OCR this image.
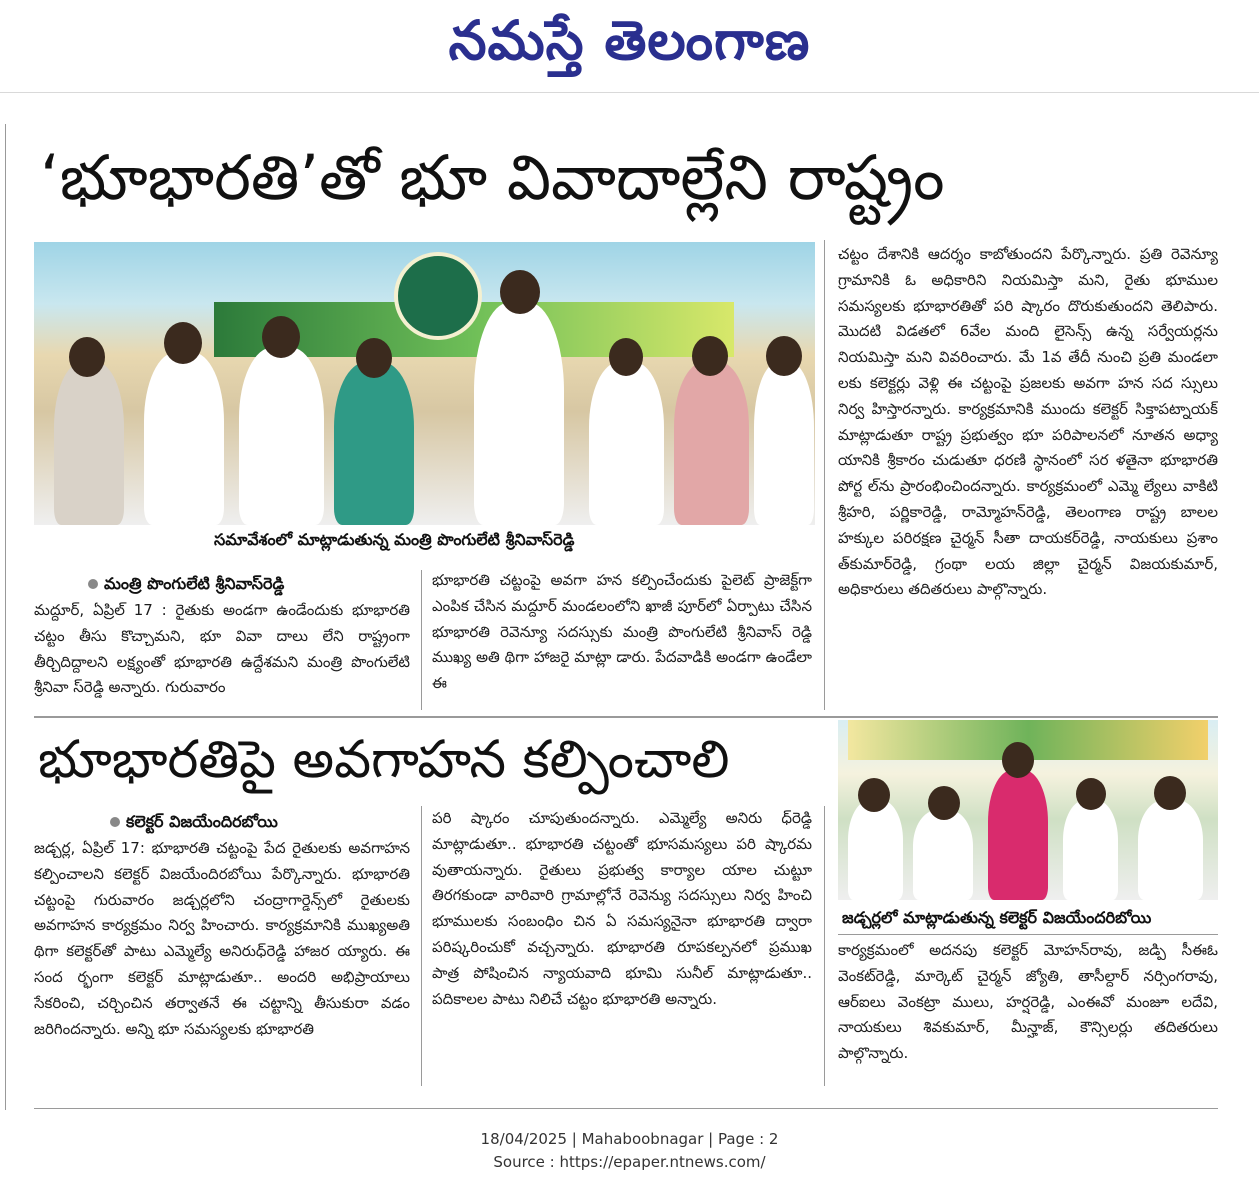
నమస్తే తెలంగాణ
‘భూభారతి’తో భూ వివాదాల్లేని రాష్ట్రం
సమావేశంలో మాట్లాడుతున్న మంత్రి పొంగులేటి శ్రీనివాస్‌రెడ్డి
మంత్రి పొంగులేటి శ్రీనివాస్‌రెడ్డి
మద్దూర్, ఏప్రిల్ 17 : రైతుకు అండగా ఉండేందుకు భూభారతి చట్టం తీసు కొచ్చామని, భూ వివా దాలు లేని రాష్ట్రంగా తీర్చిదిద్దాలని లక్ష్యంతో భూభారతి ఉద్దేశమని మంత్రి పొంగులేటి శ్రీనివా స్‌రెడ్డి అన్నారు. గురువారం
భూభారతి చట్టంపై అవగా హన కల్పించేందుకు పైలెట్ ప్రాజెక్ట్‌గా ఎంపిక చేసిన మద్దూర్ మండలంలోని ఖాజీ పూర్‌లో ఏర్పాటు చేసిన భూభారతి రెవెన్యూ సదస్సుకు మంత్రి పొంగులేటి శ్రీనివాస్ రెడ్డి ముఖ్య అతి థిగా హాజరై మాట్లా డారు. పేదవాడికి అండగా ఉండేలా ఈ
చట్టం దేశానికి ఆదర్శం కాబోతుందని పేర్కొన్నారు. ప్రతి రెవెన్యూ గ్రామానికి ఓ అధికారిని నియమిస్తా మని, రైతు భూముల సమస్యలకు భూభారతితో పరి ష్కారం దొరుకుతుందని తెలిపారు. మొదటి విడతలో 6వేల మంది లైసెన్స్ ఉన్న సర్వేయర్లను నియమిస్తా మని వివరించారు. మే 1వ తేదీ నుంచి ప్రతి మండలా లకు కలెక్టర్లు వెళ్లి ఈ చట్టంపై ప్రజలకు అవగా హన సద స్సులు నిర్వ హిస్తారన్నారు. కార్యక్రమానికి ముందు కలెక్టర్ సిక్తాపట్నాయక్ మాట్లాడుతూ రాష్ట్ర ప్రభుత్వం భూ పరిపాలనలో నూతన అధ్యా యానికి శ్రీకారం చుడుతూ ధరణి స్థానంలో సర ళతైనా భూభారతి పోర్ట ల్‌ను ప్రారంభించిందన్నారు. కార్యక్రమంలో ఎమ్మె ల్యేలు వాకిటి శ్రీహరి, పర్ణికారెడ్డి, రామ్మోహన్‌రెడ్డి, తెలంగాణ రాష్ట్ర బాలల హక్కుల పరిరక్షణ చైర్మన్ సీతా దాయకర్‌రెడ్డి, నాయకులు ప్రశాం త్‌కుమార్‌రెడ్డి, గ్రంథా లయ జిల్లా చైర్మన్ విజయకుమార్, అధికారులు తదితరులు పాల్గొన్నారు.
భూభారతిపై అవగాహన కల్పించాలి
జడ్చర్లలో మాట్లాడుతున్న కలెక్టర్ విజయేందరిబోయి
కలెక్టర్ విజయేందిరబోయి
జడ్చర్ల, ఏప్రిల్ 17: భూభారతి చట్టంపై పేద రైతులకు అవగాహన కల్పించాలని కలెక్టర్ విజయేందిరబోయి పేర్కొన్నారు. భూభారతి చట్టంపై గురువారం జడ్చర్లలోని చంద్రాగార్డెన్స్‌లో రైతులకు అవగాహన కార్యక్రమం నిర్వ హించారు. కార్యక్రమానికి ముఖ్యఅతి థిగా కలెక్టర్‌తో పాటు ఎమ్మెల్యే అనిరుధ్‌రెడ్డి హాజర య్యారు. ఈ సంద ర్భంగా కలెక్టర్ మాట్లాడుతూ.. అందరి అభిప్రాయాలు సేకరించి, చర్చించిన తర్వాతనే ఈ చట్టాన్ని తీసుకురా వడం జరిగిందన్నారు. అన్ని భూ సమస్యలకు భూభారతి
పరి ష్కారం చూపుతుందన్నారు. ఎమ్మెల్యే అనిరు ధ్‌రెడ్డి మాట్లాడుతూ.. భూభారతి చట్టంతో భూసమస్యలు పరి ష్కారమ వుతాయన్నారు. రైతులు ప్రభుత్వ కార్యాల యాల చుట్టూ తిరగకుండా వారివారి గ్రామాల్లోనే రెవెన్యు సదస్సులు నిర్వ హించి భూములకు సంబంధిం చిన ఏ సమస్యనైనా భూభారతి ద్వారా పరిష్కరించుకో వచ్చన్నారు. భూభారతి రూపకల్పనలో ప్రముఖ పాత్ర పోషించిన న్యాయవాది భూమి సునీల్ మాట్లాడుతూ.. పదికాలల పాటు నిలిచే చట్టం భూభారతి అన్నారు.
కార్యక్రమంలో అదనపు కలెక్టర్ మోహన్‌రావు, జడ్పి సీఈఓ వెంకట్‌రెడ్డి, మార్కెట్ చైర్మన్ జ్యోతి, తాసీల్దార్ నర్సింగరావు, ఆర్‌ఐలు వెంకట్రా ములు, హర్షరెడ్డి, ఎంఈవో మంజూ లదేవి, నాయకులు శివకుమార్, మీన్హాజ్, కౌన్సిలర్లు తదితరులు పాల్గొన్నారు.
18/04/2025 | Mahaboobnagar | Page : 2
Source : https://epaper.ntnews.com/
